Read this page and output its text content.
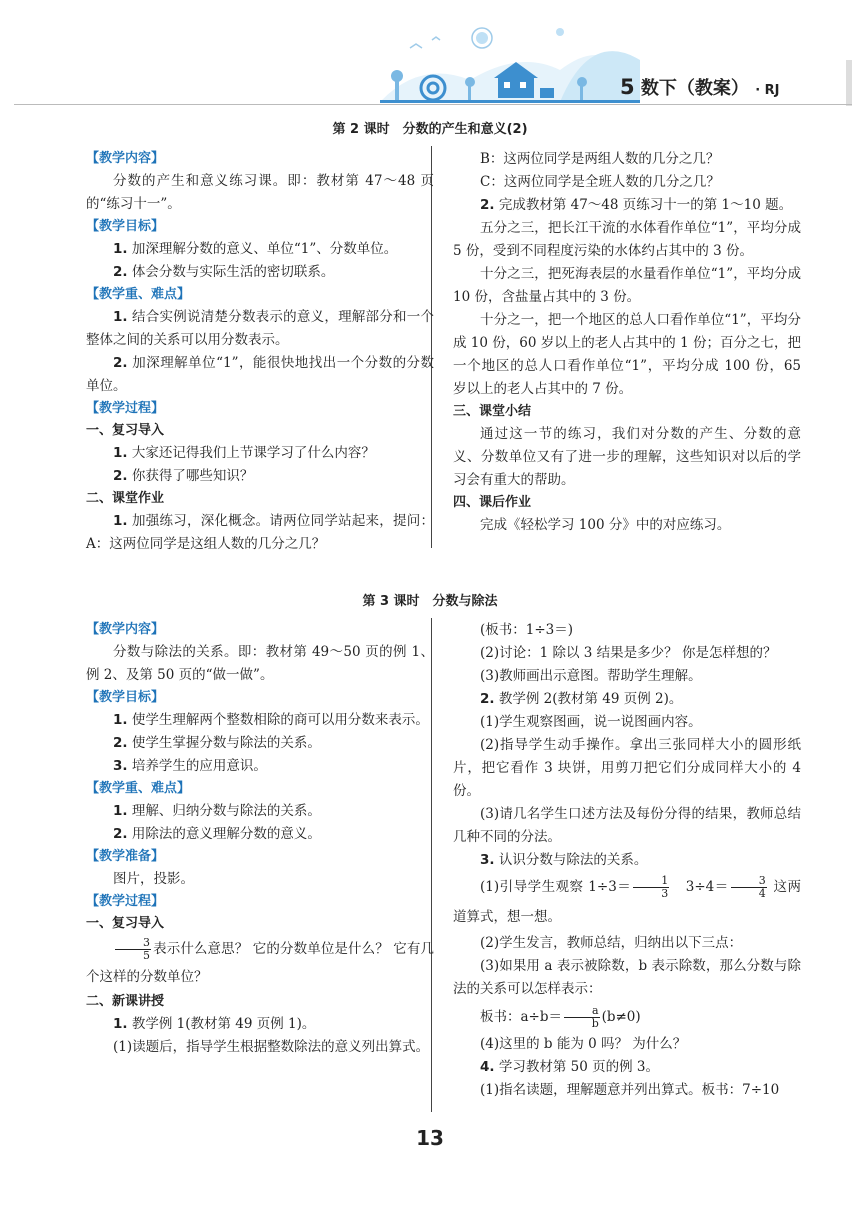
5 数下（教案） · RJ
第 2 课时　分数的产生和意义(2)
【教学内容】

分数的产生和意义练习课。即：教材第 47～48 页的“练习十一”。

【教学目标】

1. 加深理解分数的意义、单位“1”、分数单位。

2. 体会分数与实际生活的密切联系。

【教学重、难点】

1. 结合实例说清楚分数表示的意义，理解部分和一个整体之间的关系可以用分数表示。

2. 加深理解单位“1”，能很快地找出一个分数的分数单位。

【教学过程】
一、复习导入

1. 大家还记得我们上节课学习了什么内容？

2. 你获得了哪些知识？

二、课堂作业

1. 加强练习，深化概念。请两位同学站起来，提问：A：这两位同学是这组人数的几分之几？

B：这两位同学是两组人数的几分之几？

C：这两位同学是全班人数的几分之几？

2. 完成教材第 47～48 页练习十一的第 1～10 题。

五分之三，把长江干流的水体看作单位“1”，平均分成 5 份，受到不同程度污染的水体约占其中的 3 份。

十分之三，把死海表层的水量看作单位“1”，平均分成 10 份，含盐量占其中的 3 份。

十分之一，把一个地区的总人口看作单位“1”，平均分成 10 份，60 岁以上的老人占其中的 1 份；百分之七，把一个地区的总人口看作单位“1”，平均分成 100 份，65 岁以上的老人占其中的 7 份。

三、课堂小结

通过这一节的练习，我们对分数的产生、分数的意义、分数单位又有了进一步的理解，这些知识对以后的学习会有重大的帮助。

四、课后作业

完成《轻松学习 100 分》中的对应练习。

第 3 课时　分数与除法
【教学内容】

分数与除法的关系。即：教材第 49～50 页的例 1、例 2、及第 50 页的“做一做”。

【教学目标】

1. 使学生理解两个整数相除的商可以用分数来表示。

2. 使学生掌握分数与除法的关系。

3. 培养学生的应用意识。

【教学重、难点】

1. 理解、归纳分数与除法的关系。

2. 用除法的意义理解分数的意义。

【教学准备】

图片，投影。

【教学过程】
一、复习导入

$\frac{3}{5}$ 表示什么意思？ 它的分数单位是什么？ 它有几个这样的分数单位？

二、新课讲授

1. 教学例 1(教材第 49 页例 1)。

(1)读题后，指导学生根据整数除法的意义列出算式。

(板书：1÷3＝)

(2)讨论：1 除以 3 结果是多少？ 你是怎样想的？

(3)教师画出示意图。帮助学生理解。

2. 教学例 2(教材第 49 页例 2)。

(1)学生观察图画，说一说图画内容。

(2)指导学生动手操作。拿出三张同样大小的圆形纸片，把它看作 3 块饼，用剪刀把它们分成同样大小的 4 份。

(3)请几名学生口述方法及每份分得的结果，教师总结几种不同的分法。

3. 认识分数与除法的关系。

(1)引导学生观察 $1\div 3= \frac{1}{3}$
　 $3\div 4= \frac{3}{4}$ 这两道算式，想一想。

(2)学生发言，教师总结，归纳出以下三点：

(3)如果用 a 表示被除数，b 表示除数，那么分数与除法的关系可以怎样表示：

板书：$a\div b= \frac{a}{b} (b\ne 0)$

(4)这里的 b 能为 0 吗？ 为什么？

4. 学习教材第 50 页的例 3。

(1)指名读题，理解题意并列出算式。板书：7÷10

13
